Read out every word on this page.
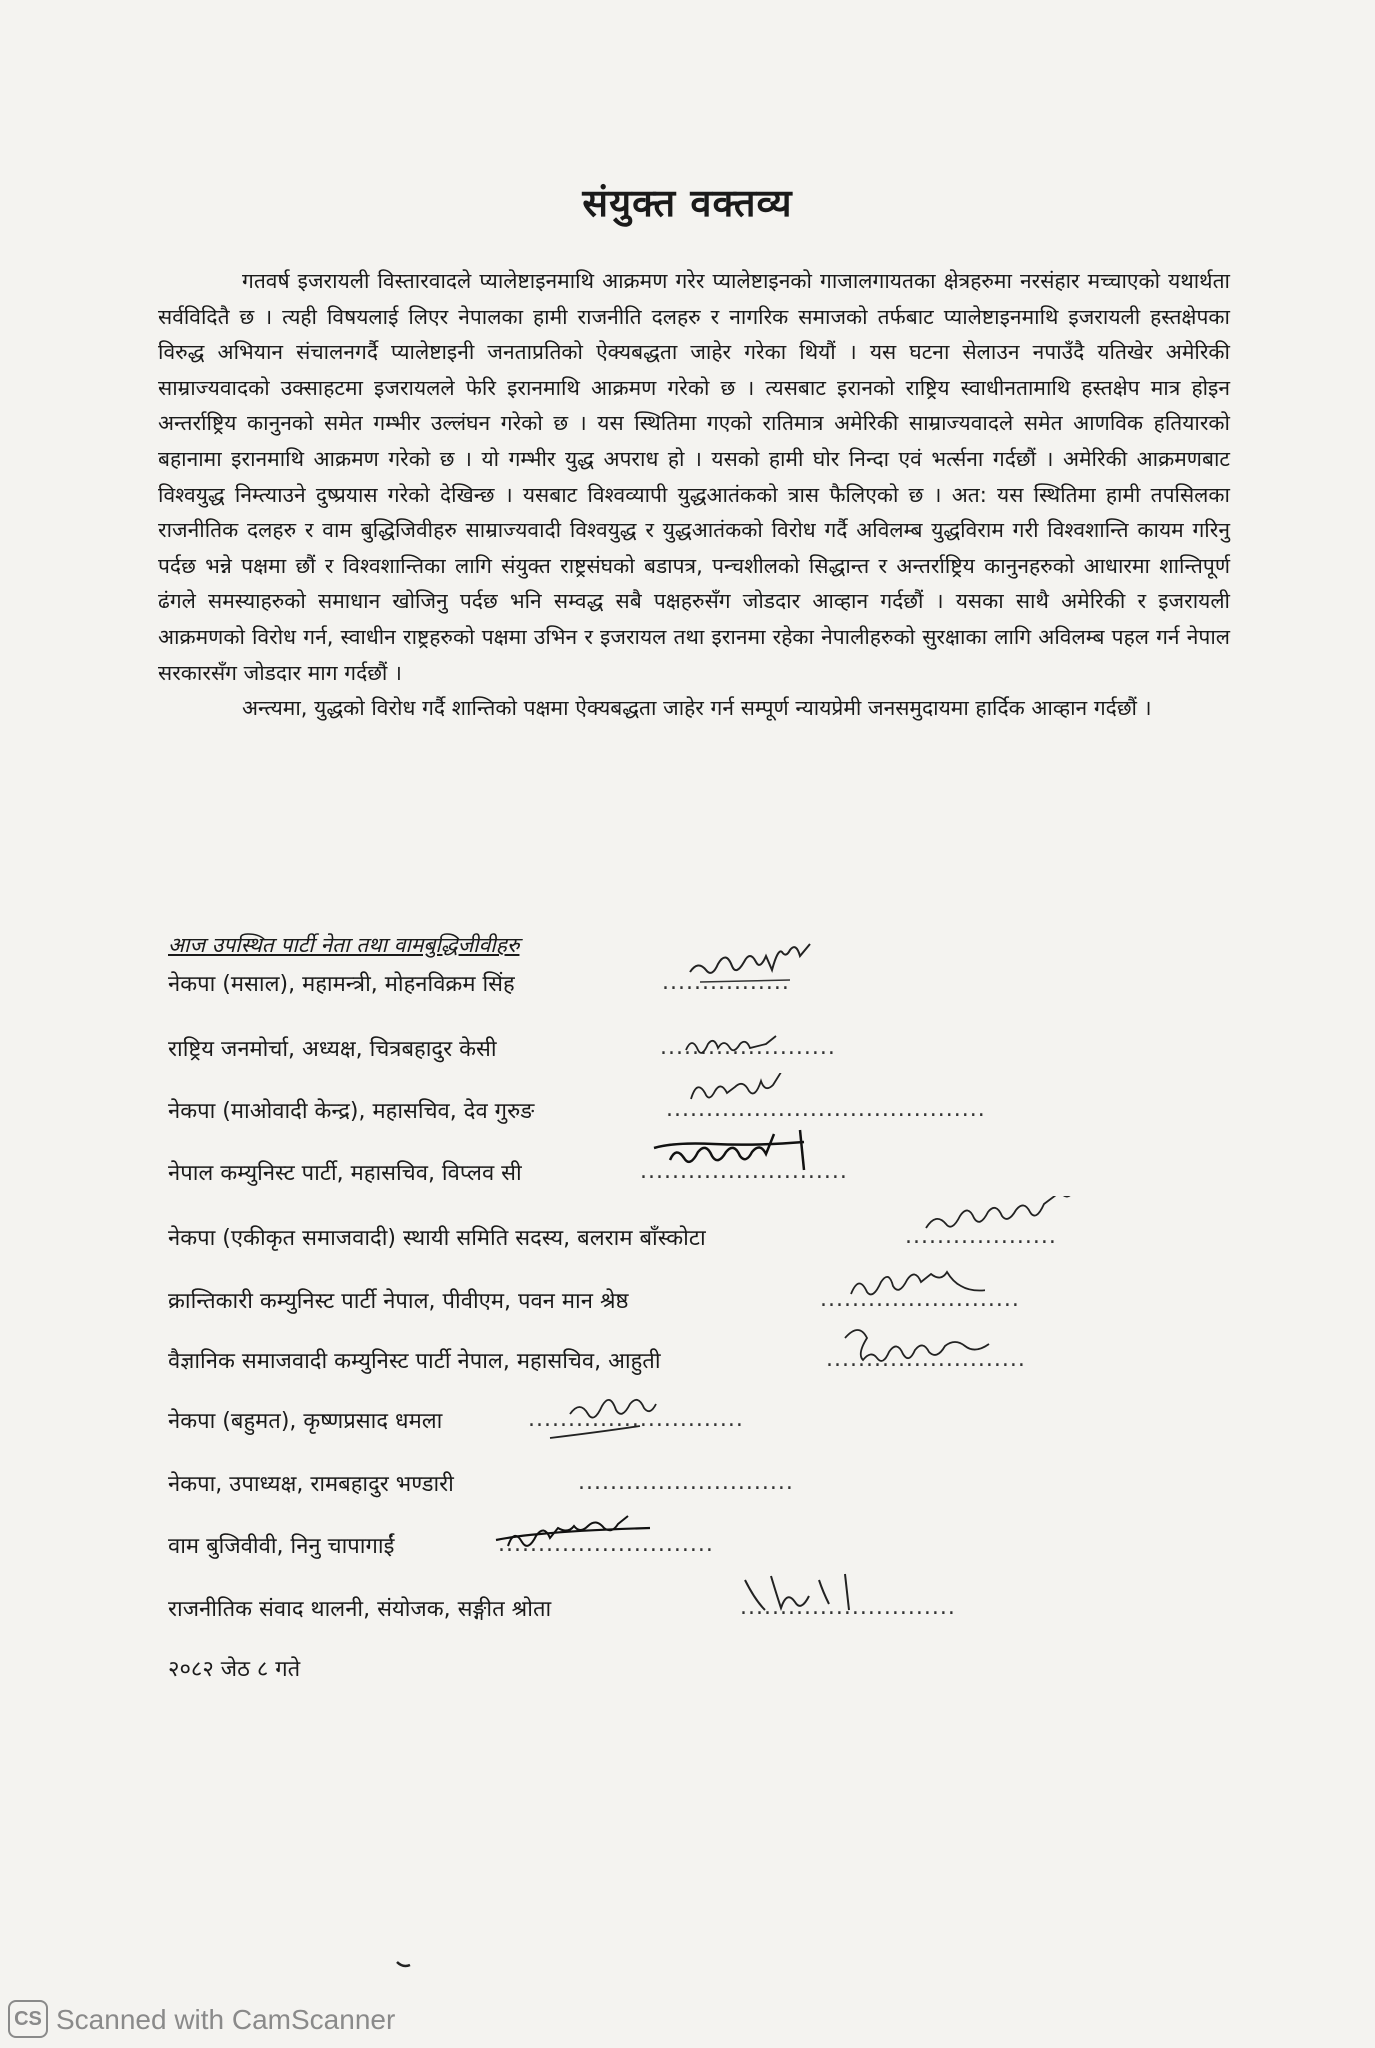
संयुक्त वक्तव्य

गतवर्ष इजरायली विस्तारवादले प्यालेष्टाइनमाथि आक्रमण गरेर प्यालेष्टाइनको गाजालगायतका क्षेत्रहरुमा नरसंहार मच्चाएको यथार्थता सर्वविदितै छ । त्यही विषयलाई लिएर नेपालका हामी राजनीति दलहरु र नागरिक समाजको तर्फबाट प्यालेष्टाइनमाथि इजरायली हस्तक्षेपका विरुद्ध अभियान संचालनगर्दै प्यालेष्टाइनी जनताप्रतिको ऐक्यबद्धता जाहेर गरेका थियौं । यस घटना सेलाउन नपाउँदै यतिखेर अमेरिकी साम्राज्यवादको उक्साहटमा इजरायलले फेरि इरानमाथि आक्रमण गरेको छ । त्यसबाट इरानको राष्ट्रिय स्वाधीनतामाथि हस्तक्षेप मात्र होइन अन्तर्राष्ट्रिय कानुनको समेत गम्भीर उल्लंघन गरेको छ । यस स्थितिमा गएको रातिमात्र अमेरिकी साम्राज्यवादले समेत आणविक हतियारको बहानामा इरानमाथि आक्रमण गरेको छ । यो गम्भीर युद्ध अपराध हो । यसको हामी घोर निन्दा एवं भर्त्सना गर्दछौं । अमेरिकी आक्रमणबाट विश्वयुद्ध निम्त्याउने दुष्प्रयास गरेको देखिन्छ । यसबाट विश्वव्यापी युद्धआतंकको त्रास फैलिएको छ । अत: यस स्थितिमा हामी तपसिलका राजनीतिक दलहरु र वाम बुद्धिजिवीहरु साम्राज्यवादी विश्वयुद्ध र युद्धआतंकको विरोध गर्दै अविलम्ब युद्धविराम गरी विश्वशान्ति कायम गरिनु पर्दछ भन्ने पक्षमा छौं र विश्वशान्तिका लागि संयुक्त राष्ट्रसंघको बडापत्र, पन्चशीलको सिद्धान्त र अन्तर्राष्ट्रिय कानुनहरुको आधारमा शान्तिपूर्ण ढंगले समस्याहरुको समाधान खोजिनु पर्दछ भनि सम्वद्ध सबै पक्षहरुसँग जोडदार आव्हान गर्दछौं । यसका साथै अमेरिकी र इजरायली आक्रमणको विरोध गर्न, स्वाधीन राष्ट्रहरुको पक्षमा उभिन र इजरायल तथा इरानमा रहेका नेपालीहरुको सुरक्षाका लागि अविलम्ब पहल गर्न नेपाल सरकारसँग जोडदार माग गर्दछौं ।

अन्त्यमा, युद्धको विरोध गर्दै शान्तिको पक्षमा ऐक्यबद्धता जाहेर गर्न सम्पूर्ण न्यायप्रेमी जनसमुदायमा हार्दिक आव्हान गर्दछौं ।

आज उपस्थित पार्टी नेता तथा वामबुद्धिजीवीहरु
नेकपा (मसाल), महामन्त्री, मोहनविक्रम सिंह	................
राष्ट्रिय जनमोर्चा, अध्यक्ष, चित्रबहादुर केसी	......................
नेकपा (माओवादी केन्द्र), महासचिव, देव गुरुङ	........................................
नेपाल कम्युनिस्ट पार्टी, महासचिव, विप्लव सी	..........................
नेकपा (एकीकृत समाजवादी) स्थायी समिति सदस्य, बलराम बाँस्कोटा	...................
क्रान्तिकारी कम्युनिस्ट पार्टी नेपाल, पीवीएम, पवन मान श्रेष्ठ	.........................
वैज्ञानिक समाजवादी कम्युनिस्ट पार्टी नेपाल, महासचिव, आहुती	.........................
नेकपा (बहुमत), कृष्णप्रसाद धमला	...........................
नेकपा, उपाध्यक्ष, रामबहादुर भण्डारी	...........................
वाम बुजिवीवी, निनु चापागाईं	...........................
राजनीतिक संवाद थालनी, संयोजक, सङ्गीत श्रोता	...........................
२०८२ जेठ ८ गते
CS Scanned with CamScanner
